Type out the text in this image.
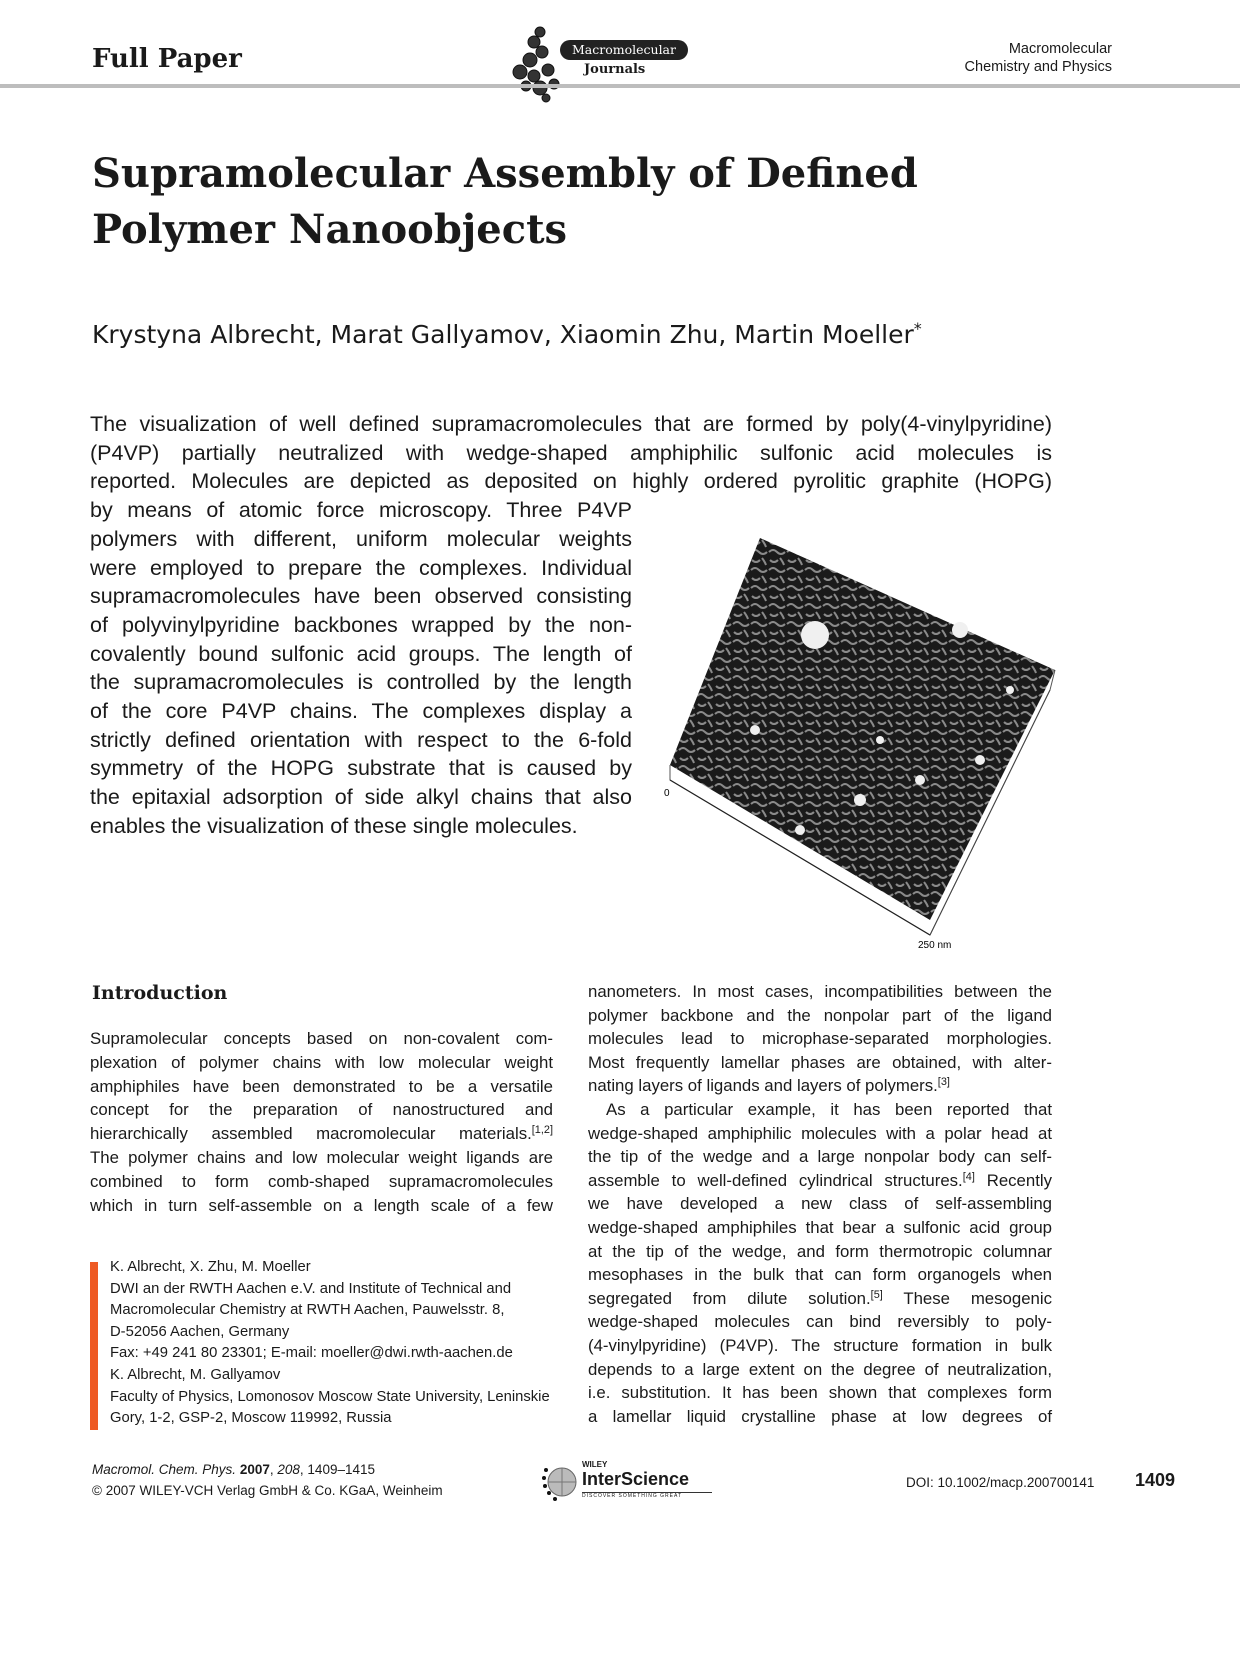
Full Paper	Macromolecular
Journals
Macromolecular
Chemistry and Physics
Supramolecular Assembly of Defined
Polymer Nanoobjects
Krystyna Albrecht, Marat Gallyamov, Xiaomin Zhu, Martin Moeller*
The visualization of well defined supramacromolecules that are formed by poly(4-vinylpyridine)
(P4VP) partially neutralized with wedge-shaped amphiphilic sulfonic acid molecules is
reported. Molecules are depicted as deposited on highly ordered pyrolitic graphite (HOPG)
by means of atomic force microscopy. Three P4VP
polymers with different, uniform molecular weights
were employed to prepare the complexes. Individual
supramacromolecules have been observed consisting
of polyvinylpyridine backbones wrapped by the non-
covalently bound sulfonic acid groups. The length of
the supramacromolecules is controlled by the length
of the core P4VP chains. The complexes display a
strictly defined orientation with respect to the 6-fold
symmetry of the HOPG substrate that is caused by
the epitaxial adsorption of side alkyl chains that also
enables the visualization of these single molecules.
0
250 nm
Introduction
Supramolecular concepts based on non-covalent com-
plexation of polymer chains with low molecular weight
amphiphiles have been demonstrated to be a versatile
concept for the preparation of nanostructured and
hierarchically assembled macromolecular materials.[1,2]
The polymer chains and low molecular weight ligands are
combined to form comb-shaped supramacromolecules
which in turn self-assemble on a length scale of a few
nanometers. In most cases, incompatibilities between the
polymer backbone and the nonpolar part of the ligand
molecules lead to microphase-separated morphologies.
Most frequently lamellar phases are obtained, with alter-
nating layers of ligands and layers of polymers.[3]
As a particular example, it has been reported that
wedge-shaped amphiphilic molecules with a polar head at
the tip of the wedge and a large nonpolar body can self-
assemble to well-defined cylindrical structures.[4] Recently
we have developed a new class of self-assembling
wedge-shaped amphiphiles that bear a sulfonic acid group
at the tip of the wedge, and form thermotropic columnar
mesophases in the bulk that can form organogels when
segregated from dilute solution.[5] These mesogenic
wedge-shaped molecules can bind reversibly to poly-
(4-vinylpyridine) (P4VP). The structure formation in bulk
depends to a large extent on the degree of neutralization,
i.e. substitution. It has been shown that complexes form
a lamellar liquid crystalline phase at low degrees of
K. Albrecht, X. Zhu, M. Moeller
DWI an der RWTH Aachen e.V. and Institute of Technical and
Macromolecular Chemistry at RWTH Aachen, Pauwelsstr. 8,
D-52056 Aachen, Germany
Fax: +49 241 80 23301; E-mail: moeller@dwi.rwth-aachen.de
K. Albrecht, M. Gallyamov
Faculty of Physics, Lomonosov Moscow State University, Leninskie
Gory, 1-2, GSP-2, Moscow 119992, Russia
Macromol. Chem. Phys. 2007, 208, 1409–1415
© 2007 WILEY-VCH Verlag GmbH & Co. KGaA, Weinheim
WILEY
InterScience
DISCOVER SOMETHING GREAT
DOI: 10.1002/macp.200700141 1409
